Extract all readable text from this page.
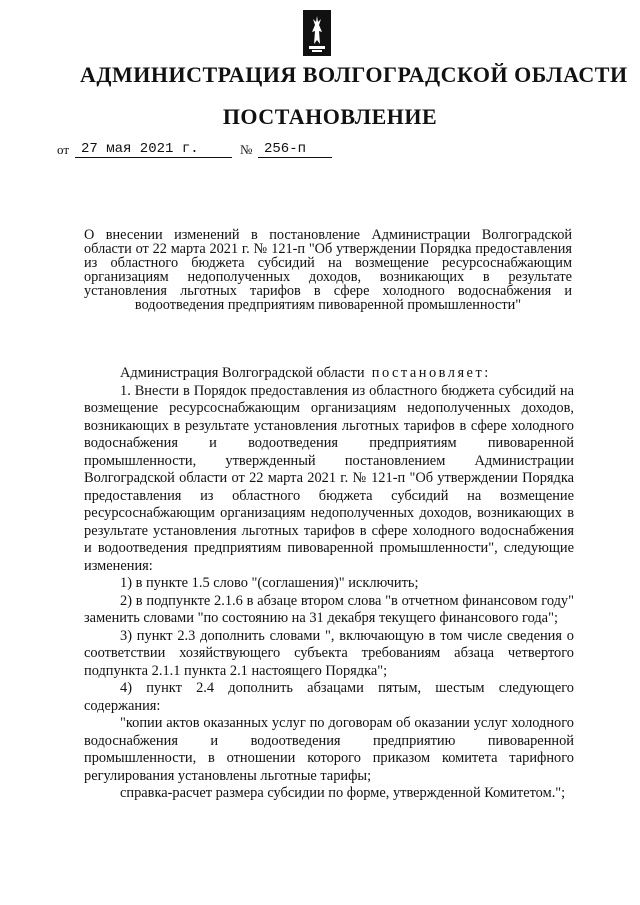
АДМИНИСТРАЦИЯ ВОЛГОГРАДСКОЙ ОБЛАСТИ
ПОСТАНОВЛЕНИЕ
от 27 мая 2021 г.	№ 256-п
О внесении изменений в постановление Администрации Волгоградской области от 22 марта 2021 г. № 121-п "Об утверждении Порядка предоставления из областного бюджета субсидий на возмещение ресурсоснабжающим организациям недополученных доходов, возникающих в результате установления льготных тарифов в сфере холодного водоснабжения и водоотведения предприятиям пивоваренной промышленности"

Администрация Волгоградской области постановляет:

1. Внести в Порядок предоставления из областного бюджета субсидий на возмещение ресурсоснабжающим организациям недополученных доходов, возникающих в результате установления льготных тарифов в сфере холодного водоснабжения и водоотведения предприятиям пивоваренной промышленности, утвержденный постановлением Администрации Волгоградской области от 22 марта 2021 г. № 121-п "Об утверждении Порядка предоставления из областного бюджета субсидий на возмещение ресурсоснабжающим организациям недополученных доходов, возникающих в результате установления льготных тарифов в сфере холодного водоснабжения и водоотведения предприятиям пивоваренной промышленности", следующие изменения:

1) в пункте 1.5 слово "(соглашения)" исключить;

2) в подпункте 2.1.6 в абзаце втором слова "в отчетном финансовом году" заменить словами "по состоянию на 31 декабря текущего финансового года";

3) пункт 2.3 дополнить словами ", включающую в том числе сведения о соответствии хозяйствующего субъекта требованиям абзаца четвертого подпункта 2.1.1 пункта 2.1 настоящего Порядка";

4) пункт 2.4 дополнить абзацами пятым, шестым следующего содержания:

"копии актов оказанных услуг по договорам об оказании услуг холодного водоснабжения и водоотведения предприятию пивоваренной промышленности, в отношении которого приказом комитета тарифного регулирования установлены льготные тарифы;

справка-расчет размера субсидии по форме, утвержденной Комитетом.";
